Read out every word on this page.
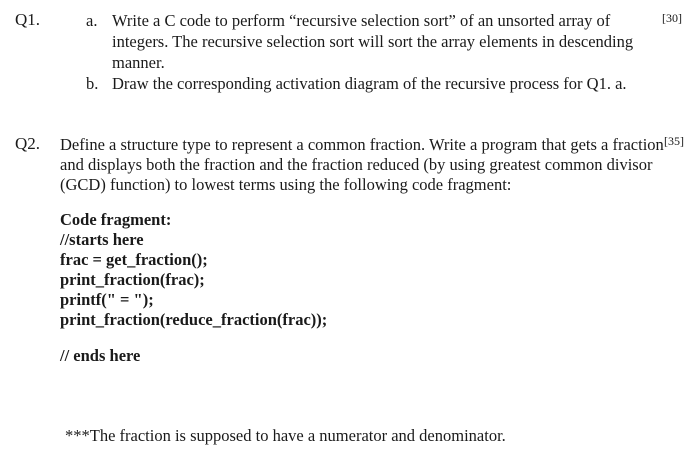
Q1.	a. Write a C code to perform “recursive selection sort” of an unsorted array of
integers. The recursive selection sort will sort the array elements in descending
manner.
b. Draw the corresponding activation diagram of the recursive process for Q1. a.
[30]
Q2. Define a structure type to represent a common fraction. Write a program that gets a fraction
and displays both the fraction and the fraction reduced (by using greatest common divisor
(GCD) function) to lowest terms using the following code fragment:
[35]
Code fragment:
//starts here
frac = get_fraction();
print_fraction(frac);
printf(" = ");
print_fraction(reduce_fraction(frac));
// ends here
***The fraction is supposed to have a numerator and denominator.
